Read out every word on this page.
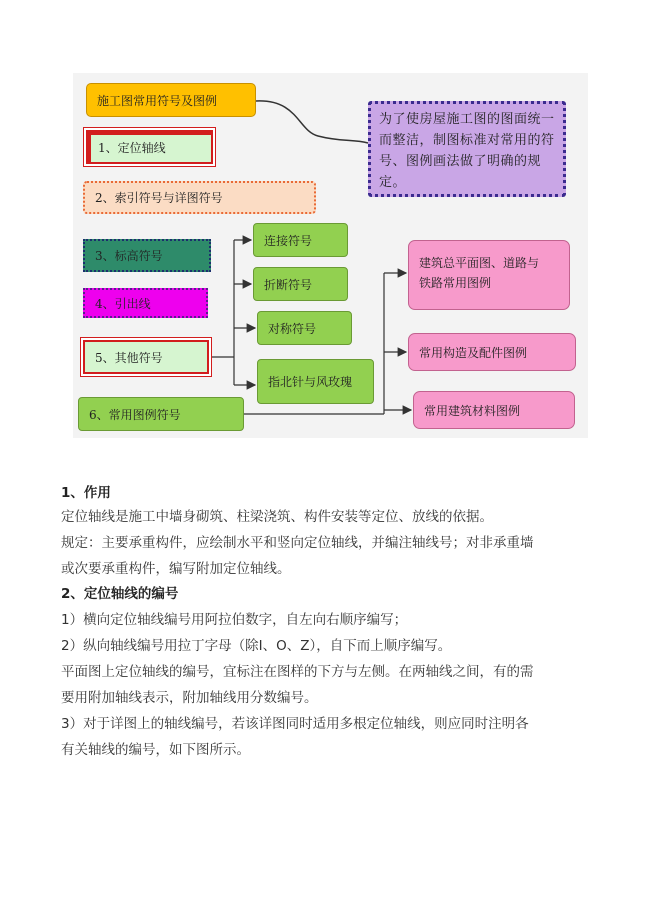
施工图常用符号及图例
为了使房屋施工图的图面统一而整洁，制图标准对常用的符号、图例画法做了明确的规定。
1、定位轴线
2、索引符号与详图符号
3、标高符号
4、引出线
5、其他符号
6、常用图例符号
连接符号
折断符号
对称符号
指北针与风玫瑰
建筑总平面图、道路与铁路常用图例
常用构造及配件图例
常用建筑材料图例
1、作用
定位轴线是施工中墙身砌筑、柱梁浇筑、构件安装等定位、放线的依据。
规定：主要承重构件，应绘制水平和竖向定位轴线，并编注轴线号；对非承重墙
或次要承重构件，编写附加定位轴线。
2、定位轴线的编号
1）横向定位轴线编号用阿拉伯数字，自左向右顺序编写；
2）纵向轴线编号用拉丁字母（除I、O、Z），自下而上顺序编写。
平面图上定位轴线的编号，宜标注在图样的下方与左侧。在两轴线之间，有的需
要用附加轴线表示，附加轴线用分数编号。
3）对于详图上的轴线编号，若该详图同时适用多根定位轴线，则应同时注明各
有关轴线的编号，如下图所示。
